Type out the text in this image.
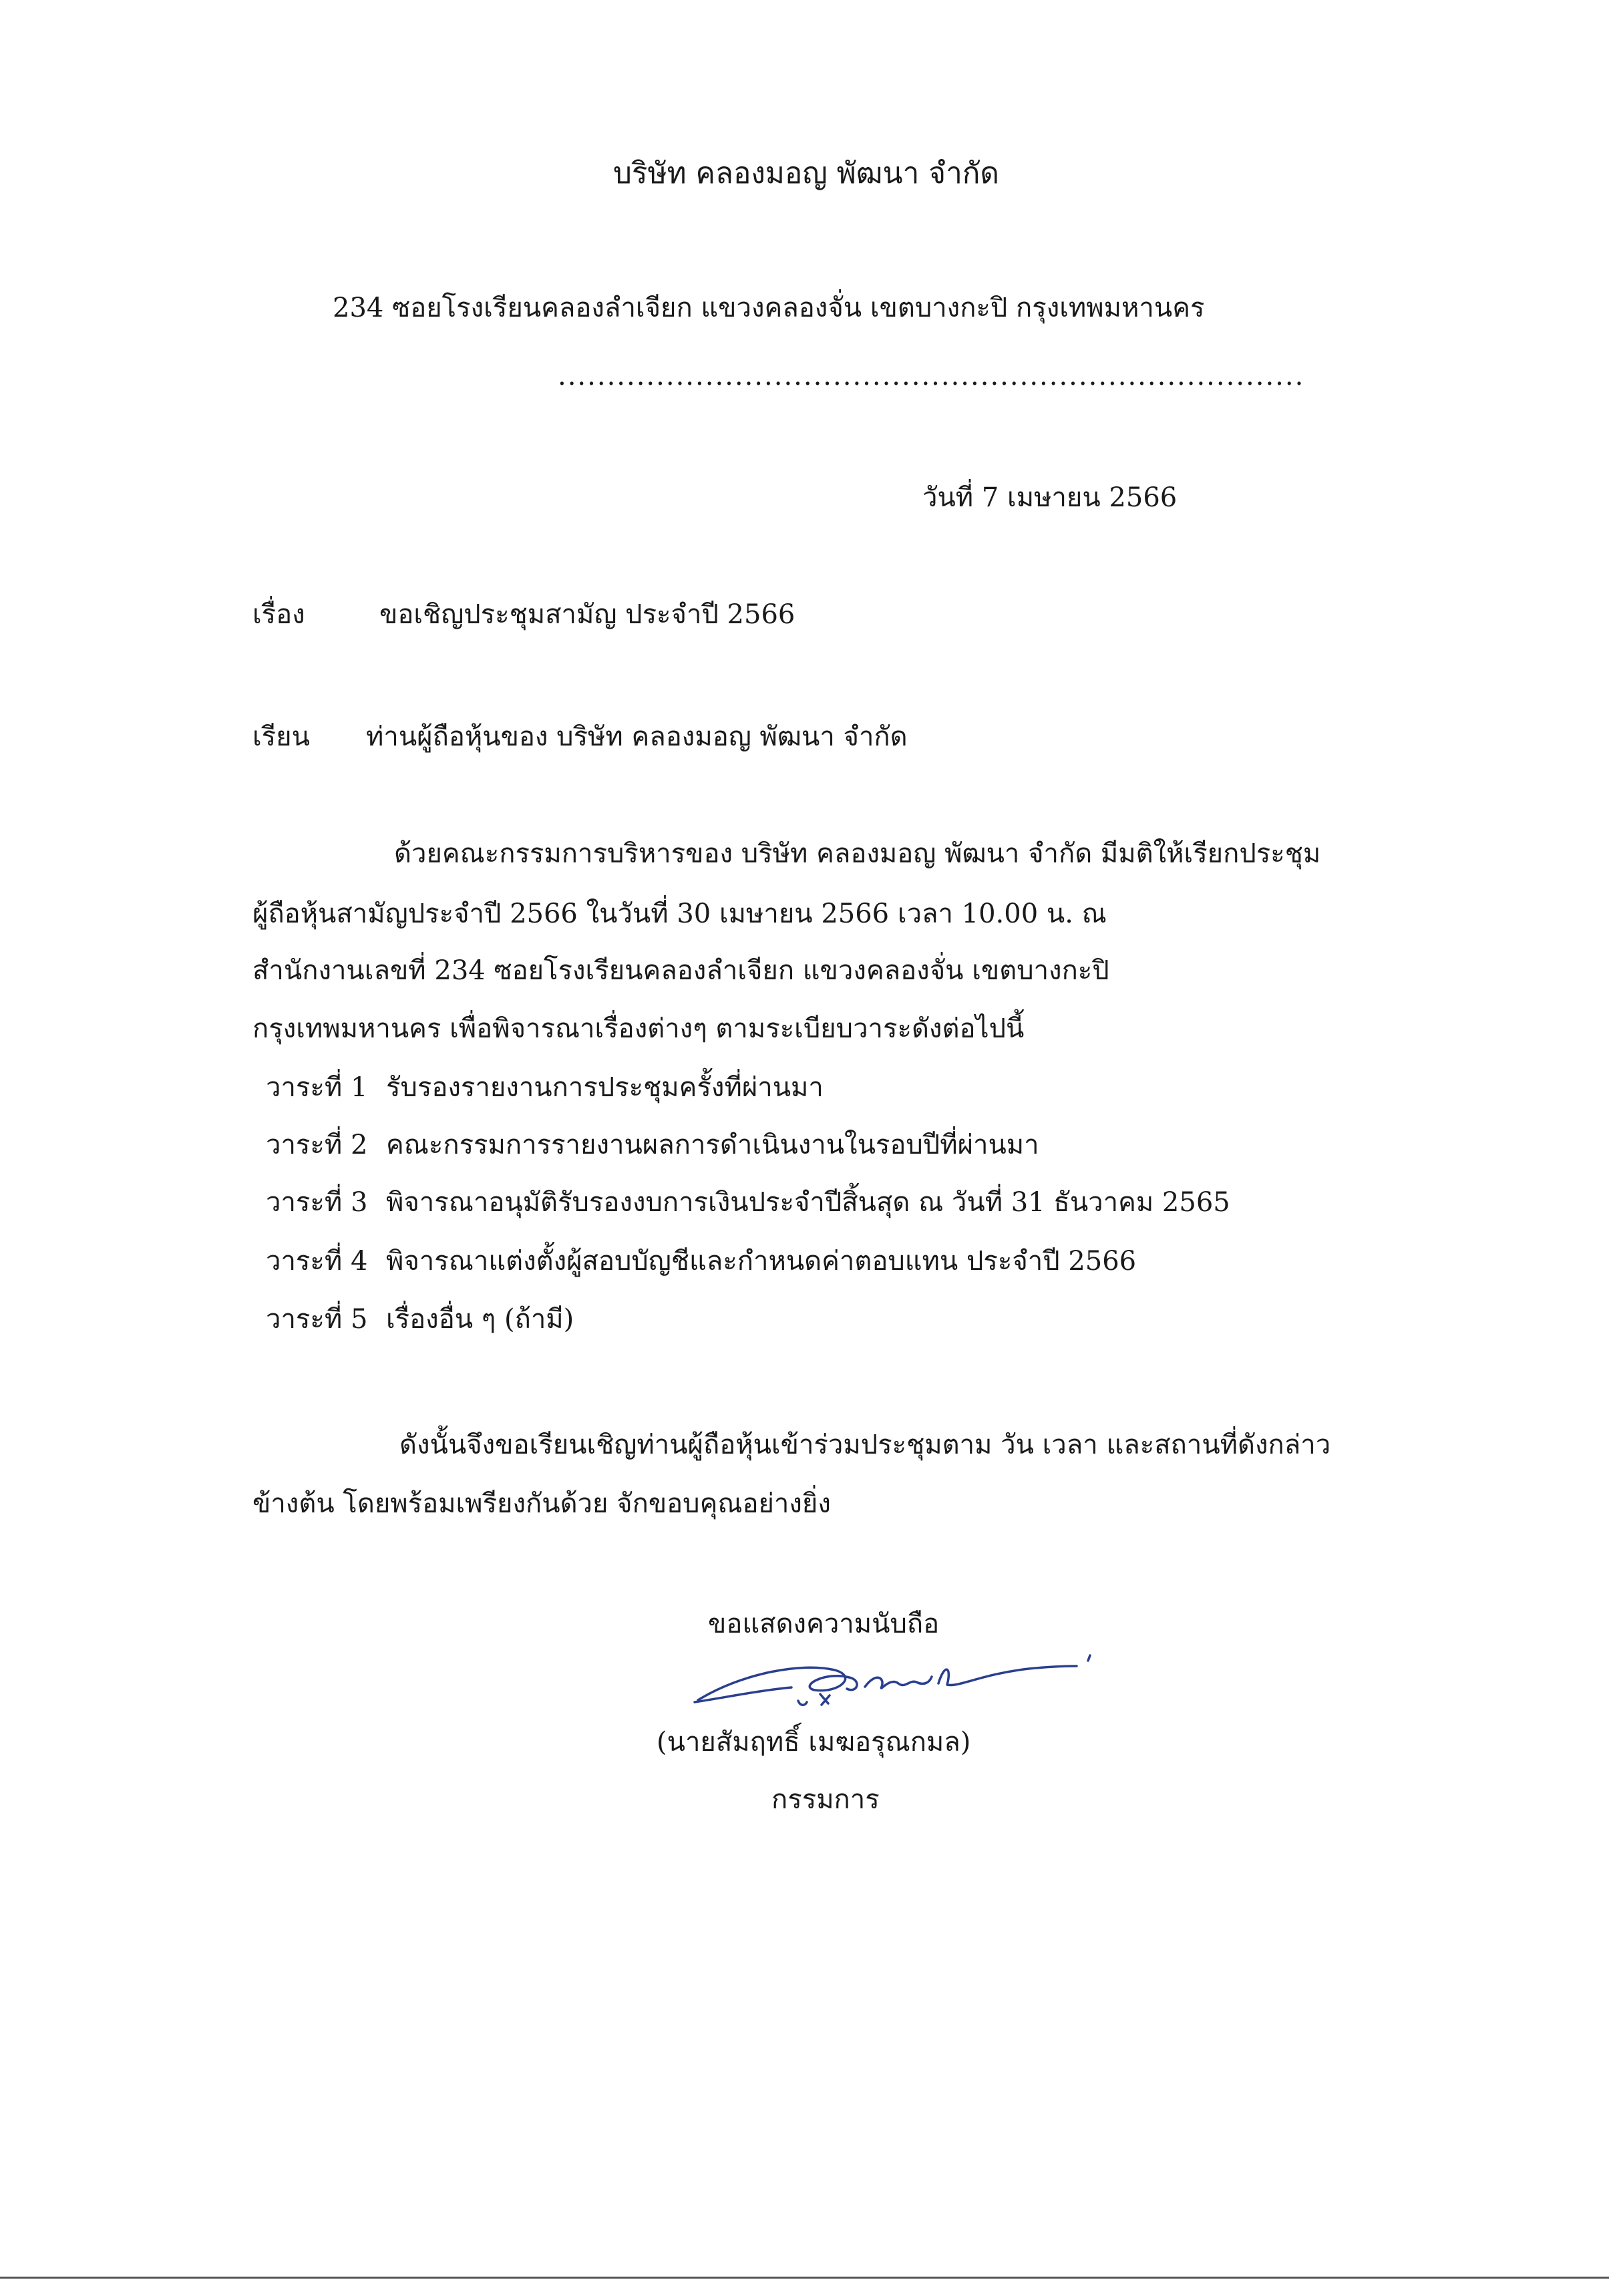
บริษัท คลองมอญ พัฒนา จำกัด
234 ซอยโรงเรียนคลองลำเจียก แขวงคลองจั่น เขตบางกะปิ กรุงเทพมหานคร
............................................................................
วันที่ 7 เมษายน 2566
เรื่อง	ขอเชิญประชุมสามัญ ประจำปี 2566
เรียน ท่านผู้ถือหุ้นของ บริษัท คลองมอญ พัฒนา จำกัด
ด้วยคณะกรรมการบริหารของ บริษัท คลองมอญ พัฒนา จำกัด มีมติให้เรียกประชุม
ผู้ถือหุ้นสามัญประจำปี 2566 ในวันที่ 30 เมษายน 2566 เวลา 10.00 น. ณ
สำนักงานเลขที่ 234 ซอยโรงเรียนคลองลำเจียก แขวงคลองจั่น เขตบางกะปิ
กรุงเทพมหานคร เพื่อพิจารณาเรื่องต่างๆ ตามระเบียบวาระดังต่อไปนี้
วาระที่ 1 รับรองรายงานการประชุมครั้งที่ผ่านมา
วาระที่ 2 คณะกรรมการรายงานผลการดำเนินงานในรอบปีที่ผ่านมา
วาระที่ 3 พิจารณาอนุมัติรับรองงบการเงินประจำปีสิ้นสุด ณ วันที่ 31 ธันวาคม 2565
วาระที่ 4 พิจารณาแต่งตั้งผู้สอบบัญชีและกำหนดค่าตอบแทน ประจำปี 2566
วาระที่ 5 เรื่องอื่น ๆ (ถ้ามี)
ดังนั้นจึงขอเรียนเชิญท่านผู้ถือหุ้นเข้าร่วมประชุมตาม วัน เวลา และสถานที่ดังกล่าว
ข้างต้น โดยพร้อมเพรียงกันด้วย จักขอบคุณอย่างยิ่ง
ขอแสดงความนับถือ
(นายสัมฤทธิ์ เมฆอรุณกมล)
กรรมการ
